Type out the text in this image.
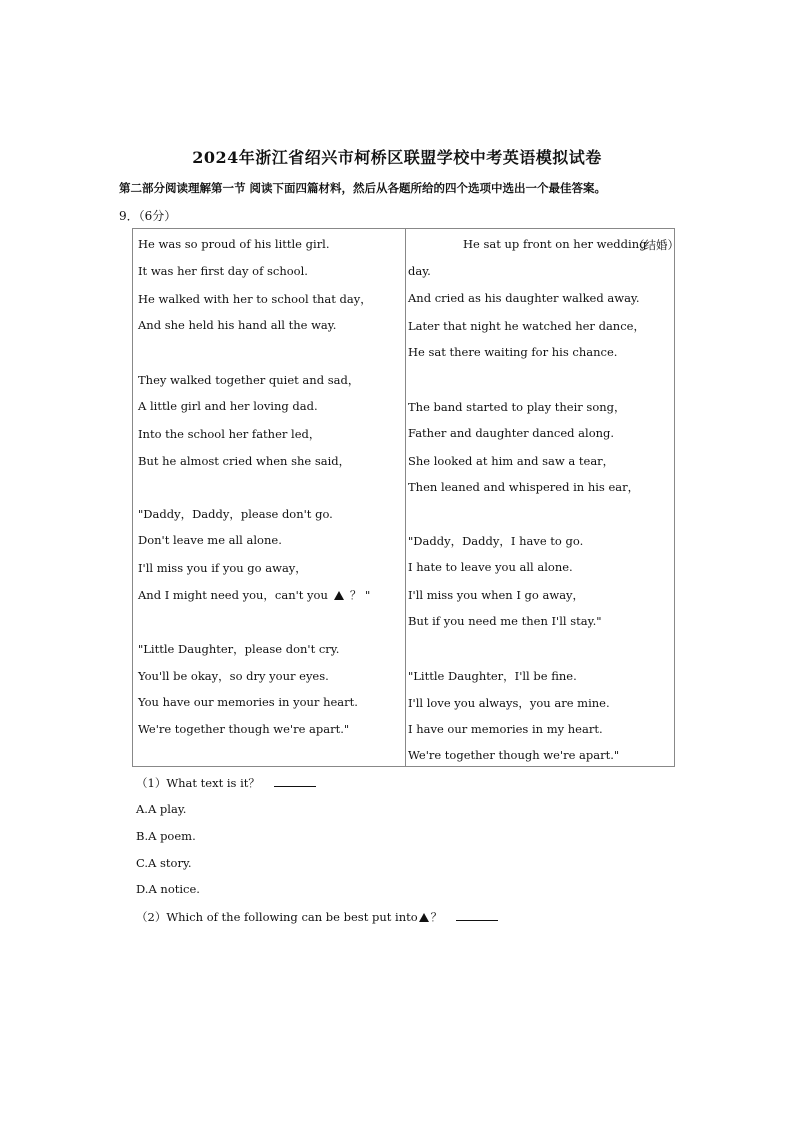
2024年浙江省绍兴市柯桥区联盟学校中考英语模拟试卷
第二部分阅读理解第一节 阅读下面四篇材料，然后从各题所给的四个选项中选出一个最佳答案。
9．（6分）
He was so proud of his little girl.
It was her first day of school.
He walked with her to school that day，
And she held his hand all the way.
They walked together quiet and sad，
A little girl and her loving dad.
Into the school her father led，
But he almost cried when she said，
"Daddy，Daddy，please don't go.
Don't leave me all alone.
I'll miss you if you go away，
And I might need you，can't you ？ "
"Little Daughter，please don't cry.
You'll be okay，so dry your eyes.
You have our memories in your heart.
We're together though we're apart."
He sat up front on her wedding
（结婚）
day.
And cried as his daughter walked away.
Later that night he watched her dance，
He sat there waiting for his chance.
The band started to play their song，
Father and daughter danced along.
She looked at him and saw a tear，
Then leaned and whispered in his ear，
"Daddy，Daddy，I have to go.
I hate to leave you all alone.
I'll miss you when I go away，
But if you need me then I'll stay."
"Little Daughter，I'll be fine.
I'll love you always，you are mine.
I have our memories in my heart.
We're together though we're apart."
（1）What text is it？
A.A play.
B.A poem.
C.A story.
D.A notice.
（2）Which of the following can be best put into ？
